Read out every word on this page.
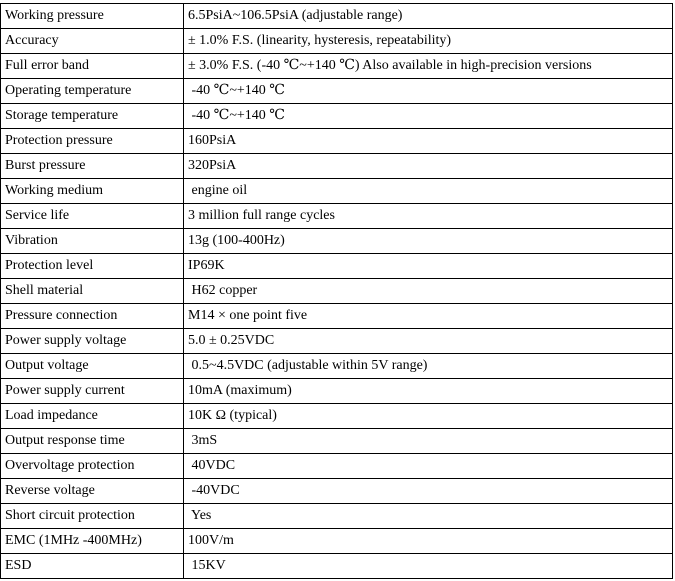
Working pressure	6.5PsiA~106.5PsiA (adjustable range)
Accuracy	± 1.0% F.S. (linearity, hysteresis, repeatability)
Full error band	± 3.0% F.S. (-40 ℃~+140 ℃) Also available in high-precision versions
Operating temperature	-40 ℃~+140 ℃
Storage temperature	-40 ℃~+140 ℃
Protection pressure	160PsiA
Burst pressure	320PsiA
Working medium	engine oil
Service life	3 million full range cycles
Vibration	13g (100-400Hz)
Protection level	IP69K
Shell material	H62 copper
Pressure connection	M14 × one point five
Power supply voltage	5.0 ± 0.25VDC
Output voltage	0.5~4.5VDC (adjustable within 5V range)
Power supply current	10mA (maximum)
Load impedance	10K Ω (typical)
Output response time	3mS
Overvoltage protection	40VDC
Reverse voltage	-40VDC
Short circuit protection	Yes
EMC (1MHz -400MHz)	100V/m
ESD	15KV
